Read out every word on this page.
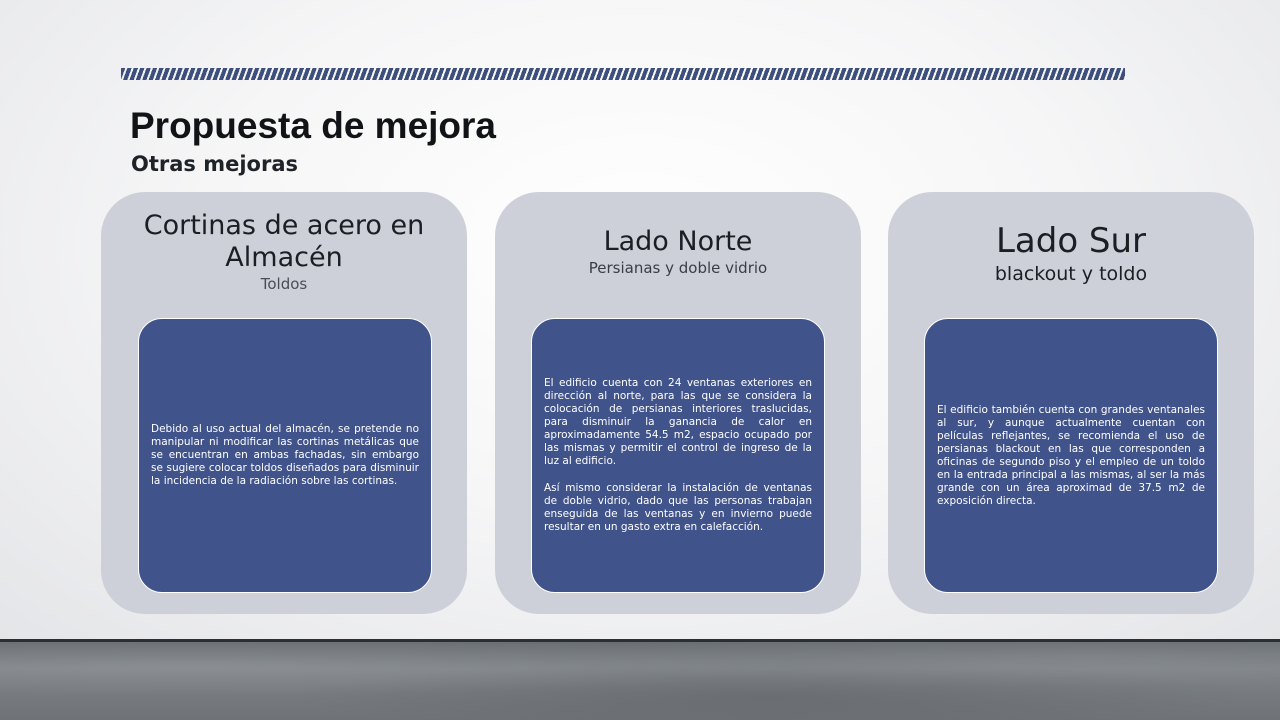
Propuesta de mejora
Otras mejoras
Cortinas de acero en Almacén
Toldos

Debido al uso actual del almacén, se pretende no manipular ni modificar las cortinas metálicas que se encuentran en ambas fachadas, sin embargo se sugiere colocar toldos diseñados para disminuir la incidencia de la radiación sobre las cortinas.

Lado Norte
Persianas y doble vidrio

El edificio cuenta con 24 ventanas exteriores en dirección al norte, para las que se considera la colocación de persianas interiores traslucidas, para disminuir la ganancia de calor en aproximadamente 54.5 m2, espacio ocupado por las mismas y permitir el control de ingreso de la luz al edificio.

Así mismo considerar la instalación de ventanas de doble vidrio, dado que las personas trabajan enseguida de las ventanas y en invierno puede resultar en un gasto extra en calefacción.

Lado Sur
blackout y toldo

El edificio también cuenta con grandes ventanales al sur, y aunque actualmente cuentan con películas reflejantes, se recomienda el uso de persianas blackout en las que corresponden a oficinas de segundo piso y el empleo de un toldo en la entrada principal a las mismas, al ser la más grande con un área aproximad de 37.5 m2 de exposición directa.
